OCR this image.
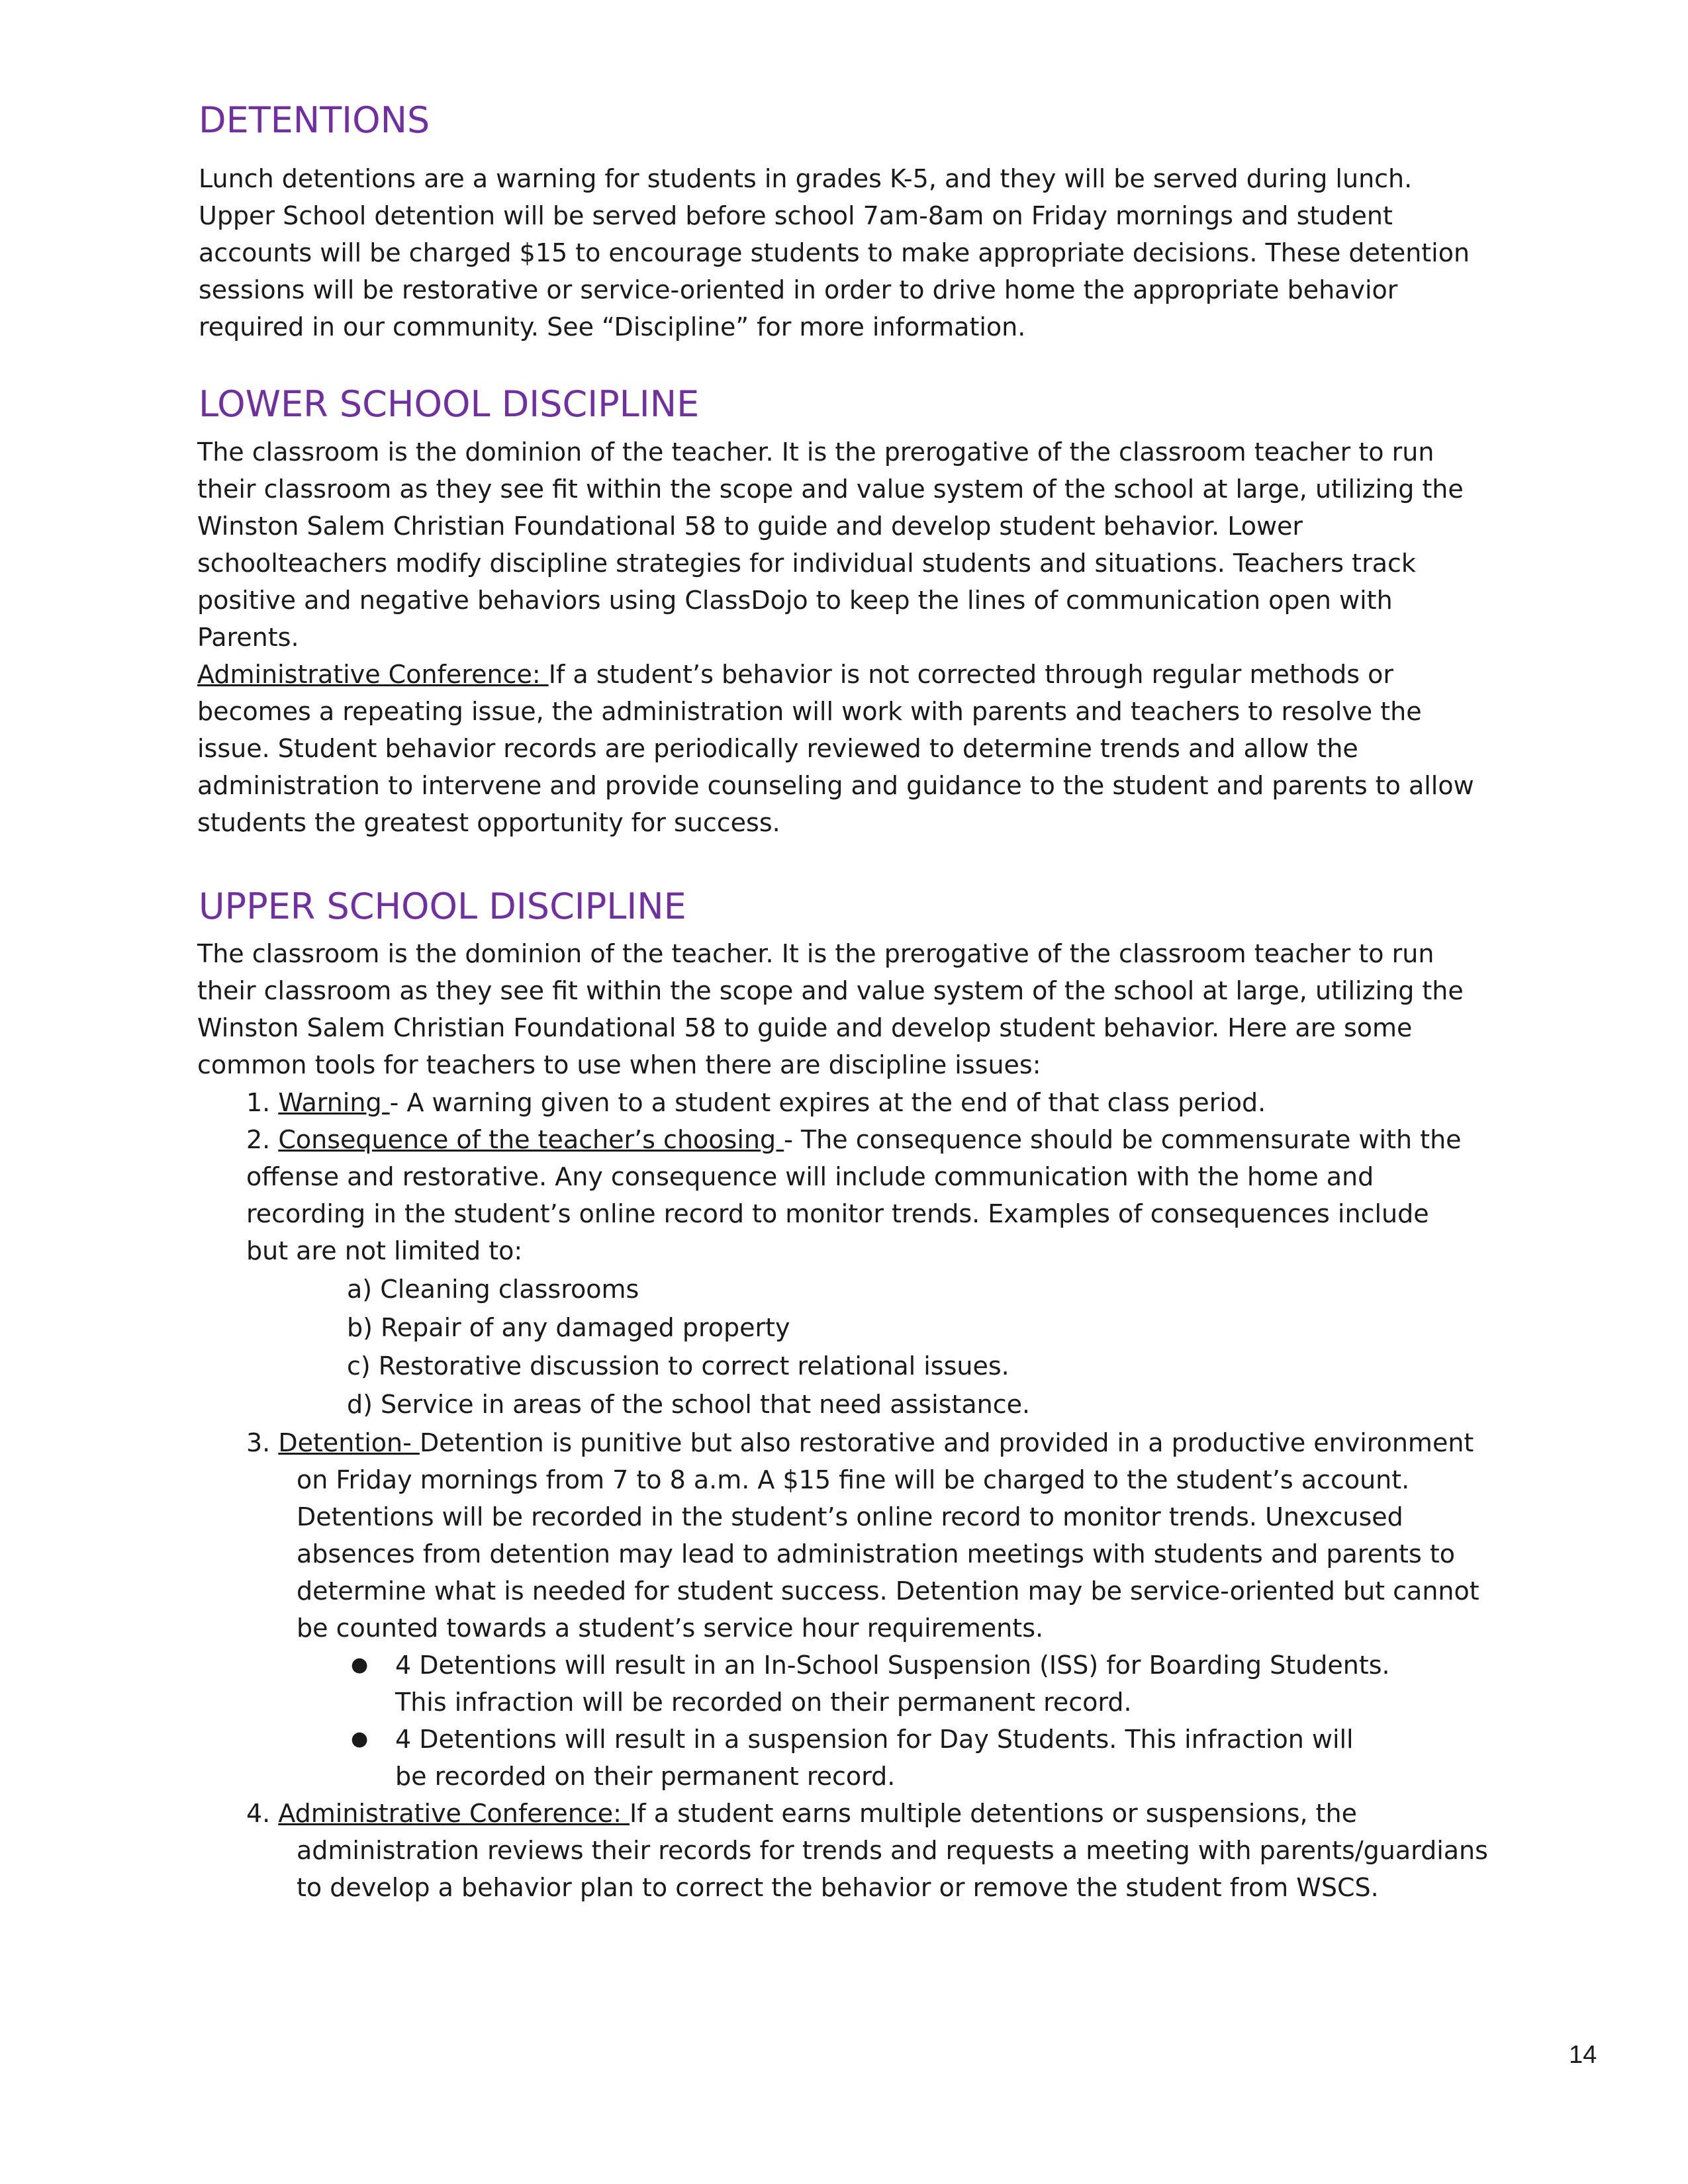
DETENTIONS

Lunch detentions are a warning for students in grades K-5, and they will be served during lunch. Upper School detention will be served before school 7am-8am on Friday mornings and student accounts will be charged $15 to encourage students to make appropriate decisions. These detention sessions will be restorative or service-oriented in order to drive home the appropriate behavior required in our community. See “Discipline” for more information.

LOWER SCHOOL DISCIPLINE

The classroom is the dominion of the teacher. It is the prerogative of the classroom teacher to run their classroom as they see fit within the scope and value system of the school at large, utilizing the Winston Salem Christian Foundational 58 to guide and develop student behavior. Lower schoolteachers modify discipline strategies for individual students and situations. Teachers track positive and negative behaviors using ClassDojo to keep the lines of communication open with Parents.

Administrative Conference: If a student’s behavior is not corrected through regular methods or becomes a repeating issue, the administration will work with parents and teachers to resolve the issue. Student behavior records are periodically reviewed to determine trends and allow the administration to intervene and provide counseling and guidance to the student and parents to allow students the greatest opportunity for success.

UPPER SCHOOL DISCIPLINE

The classroom is the dominion of the teacher. It is the prerogative of the classroom teacher to run their classroom as they see fit within the scope and value system of the school at large, utilizing the Winston Salem Christian Foundational 58 to guide and develop student behavior. Here are some common tools for teachers to use when there are discipline issues:

1. Warning - A warning given to a student expires at the end of that class period.

2. Consequence of the teacher’s choosing - The consequence should be commensurate with the offense and restorative. Any consequence will include communication with the home and recording in the student’s online record to monitor trends. Examples of consequences include but are not limited to:

a) Cleaning classrooms

b) Repair of any damaged property

c) Restorative discussion to correct relational issues.

d) Service in areas of the school that need assistance.

3. Detention- Detention is punitive but also restorative and provided in a productive environment on Friday mornings from 7 to 8 a.m. A $15 fine will be charged to the student’s account. Detentions will be recorded in the student’s online record to monitor trends. Unexcused absences from detention may lead to administration meetings with students and parents to determine what is needed for student success. Detention may be service-oriented but cannot be counted towards a student’s service hour requirements.

● 4 Detentions will result in an In-School Suspension (ISS) for Boarding Students. This infraction will be recorded on their permanent record.

● 4 Detentions will result in a suspension for Day Students. This infraction will be recorded on their permanent record.

4. Administrative Conference: If a student earns multiple detentions or suspensions, the administration reviews their records for trends and requests a meeting with parents/guardians to develop a behavior plan to correct the behavior or remove the student from WSCS.

14
